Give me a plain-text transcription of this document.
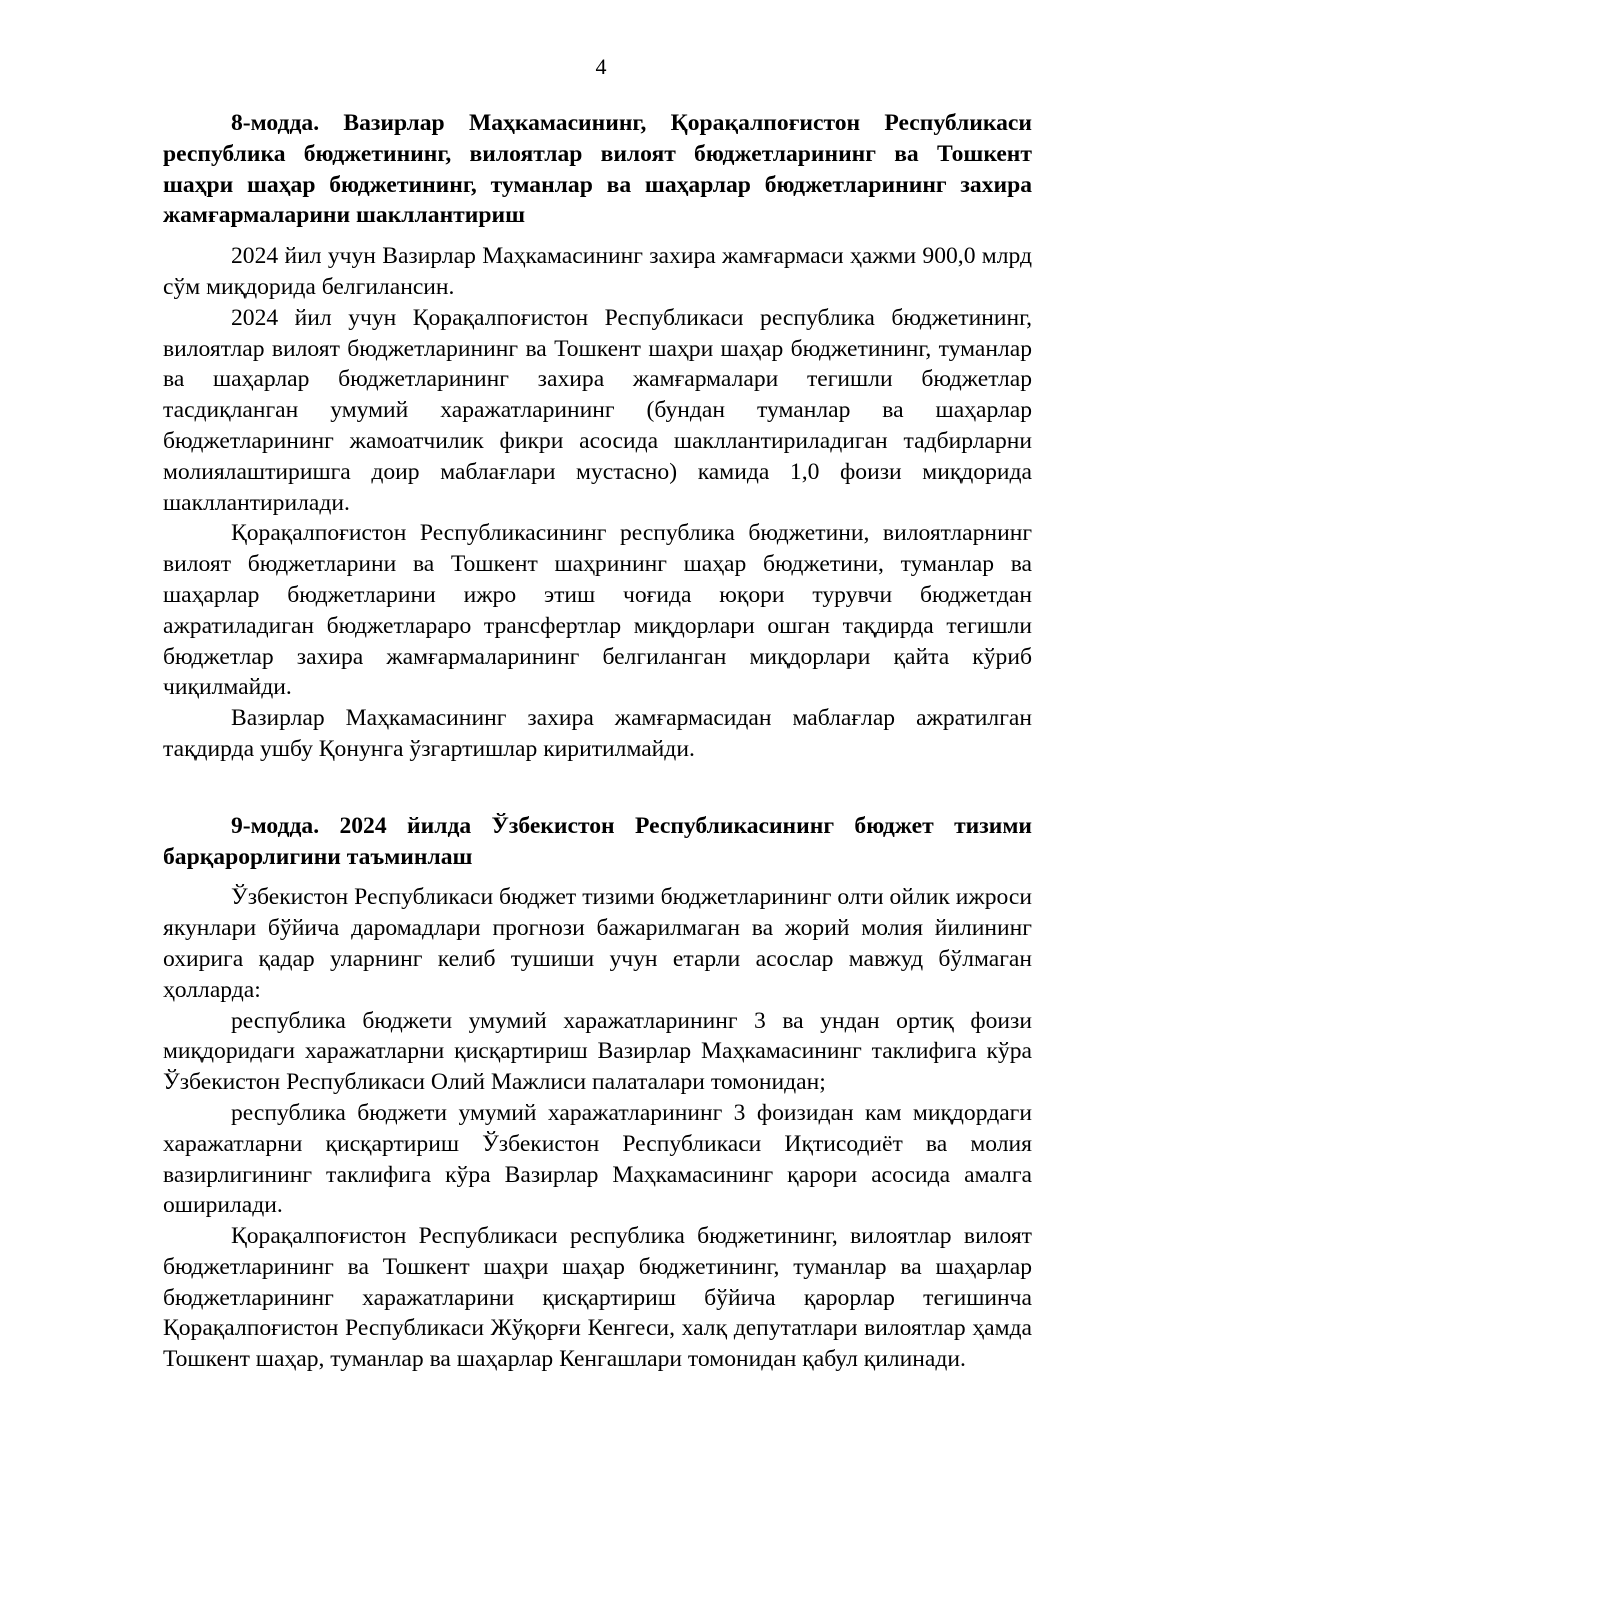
4

8-модда. Вазирлар Маҳкамасининг, Қорақалпоғистон Республикаси республика бюджетининг, вилоятлар вилоят бюджетларининг ва Тошкент шаҳри шаҳар бюджетининг, туманлар ва шаҳарлар бюджетларининг захира жамғармаларини шакллантириш

2024 йил учун Вазирлар Маҳкамасининг захира жамғармаси ҳажми 900,0 млрд сўм миқдорида белгилансин.

2024 йил учун Қорақалпоғистон Республикаси республика бюджетининг, вилоятлар вилоят бюджетларининг ва Тошкент шаҳри шаҳар бюджетининг, туманлар ва шаҳарлар бюджетларининг захира жамғармалари тегишли бюджетлар тасдиқланган умумий харажатларининг (бундан туманлар ва шаҳарлар бюджетларининг жамоатчилик фикри асосида шакллантириладиган тадбирларни молиялаштиришга доир маблағлари мустасно) камида 1,0 фоизи миқдорида шакллантирилади.

Қорақалпоғистон Республикасининг республика бюджетини, вилоятларнинг вилоят бюджетларини ва Тошкент шаҳрининг шаҳар бюджетини, туманлар ва шаҳарлар бюджетларини ижро этиш чоғида юқори турувчи бюджетдан ажратиладиган бюджетлараро трансфертлар миқдорлари ошган тақдирда тегишли бюджетлар захира жамғармаларининг белгиланган миқдорлари қайта кўриб чиқилмайди.

Вазирлар Маҳкамасининг захира жамғармасидан маблағлар ажратилган тақдирда ушбу Қонунга ўзгартишлар киритилмайди.

9-модда. 2024 йилда Ўзбекистон Республикасининг бюджет тизими барқарорлигини таъминлаш

Ўзбекистон Республикаси бюджет тизими бюджетларининг олти ойлик ижроси якунлари бўйича даромадлари прогнози бажарилмаган ва жорий молия йилининг охирига қадар уларнинг келиб тушиши учун етарли асослар мавжуд бўлмаган ҳолларда:

республика бюджети умумий харажатларининг 3 ва ундан ортиқ фоизи миқдоридаги харажатларни қисқартириш Вазирлар Маҳкамасининг таклифига кўра Ўзбекистон Республикаси Олий Мажлиси палаталари томонидан;

республика бюджети умумий харажатларининг 3 фоизидан кам миқдордаги харажатларни қисқартириш Ўзбекистон Республикаси Иқтисодиёт ва молия вазирлигининг таклифига кўра Вазирлар Маҳкамасининг қарори асосида амалга оширилади.

Қорақалпоғистон Республикаси республика бюджетининг, вилоятлар вилоят бюджетларининг ва Тошкент шаҳри шаҳар бюджетининг, туманлар ва шаҳарлар бюджетларининг харажатларини қисқартириш бўйича қарорлар тегишинча Қорақалпоғистон Республикаси Жўқорғи Кенгеси, халқ депутатлари вилоятлар ҳамда Тошкент шаҳар, туманлар ва шаҳарлар Кенгашлари томонидан қабул қилинади.
